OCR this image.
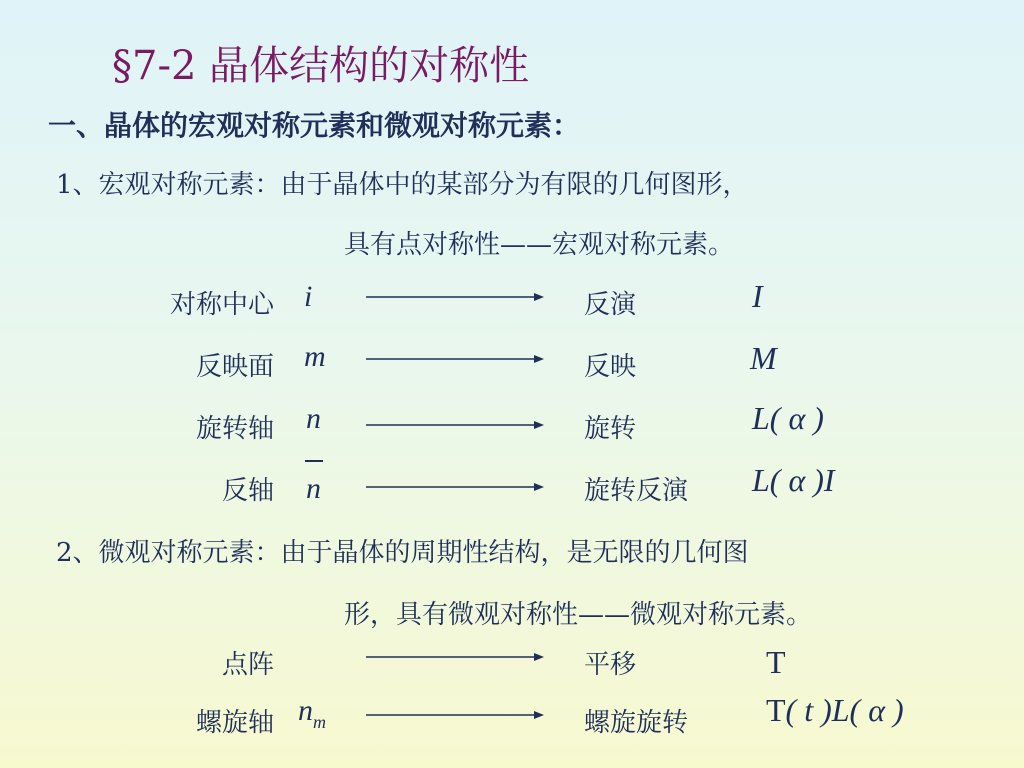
§7-2 晶体结构的对称性
一、晶体的宏观对称元素和微观对称元素：
1、宏观对称元素：由于晶体中的某部分为有限的几何图形，
具有点对称性——宏观对称元素。
对称中心 i	反演	I
反映面 m	反映	M
旋转轴 n	旋转	L( α )
反轴 n	旋转反演 L( α )I
2、微观对称元素：由于晶体的周期性结构，是无限的几何图
形，具有微观对称性——微观对称元素。
点阵	平移	T
螺旋轴 $n_m$	螺旋旋转 T( t )L( α )
